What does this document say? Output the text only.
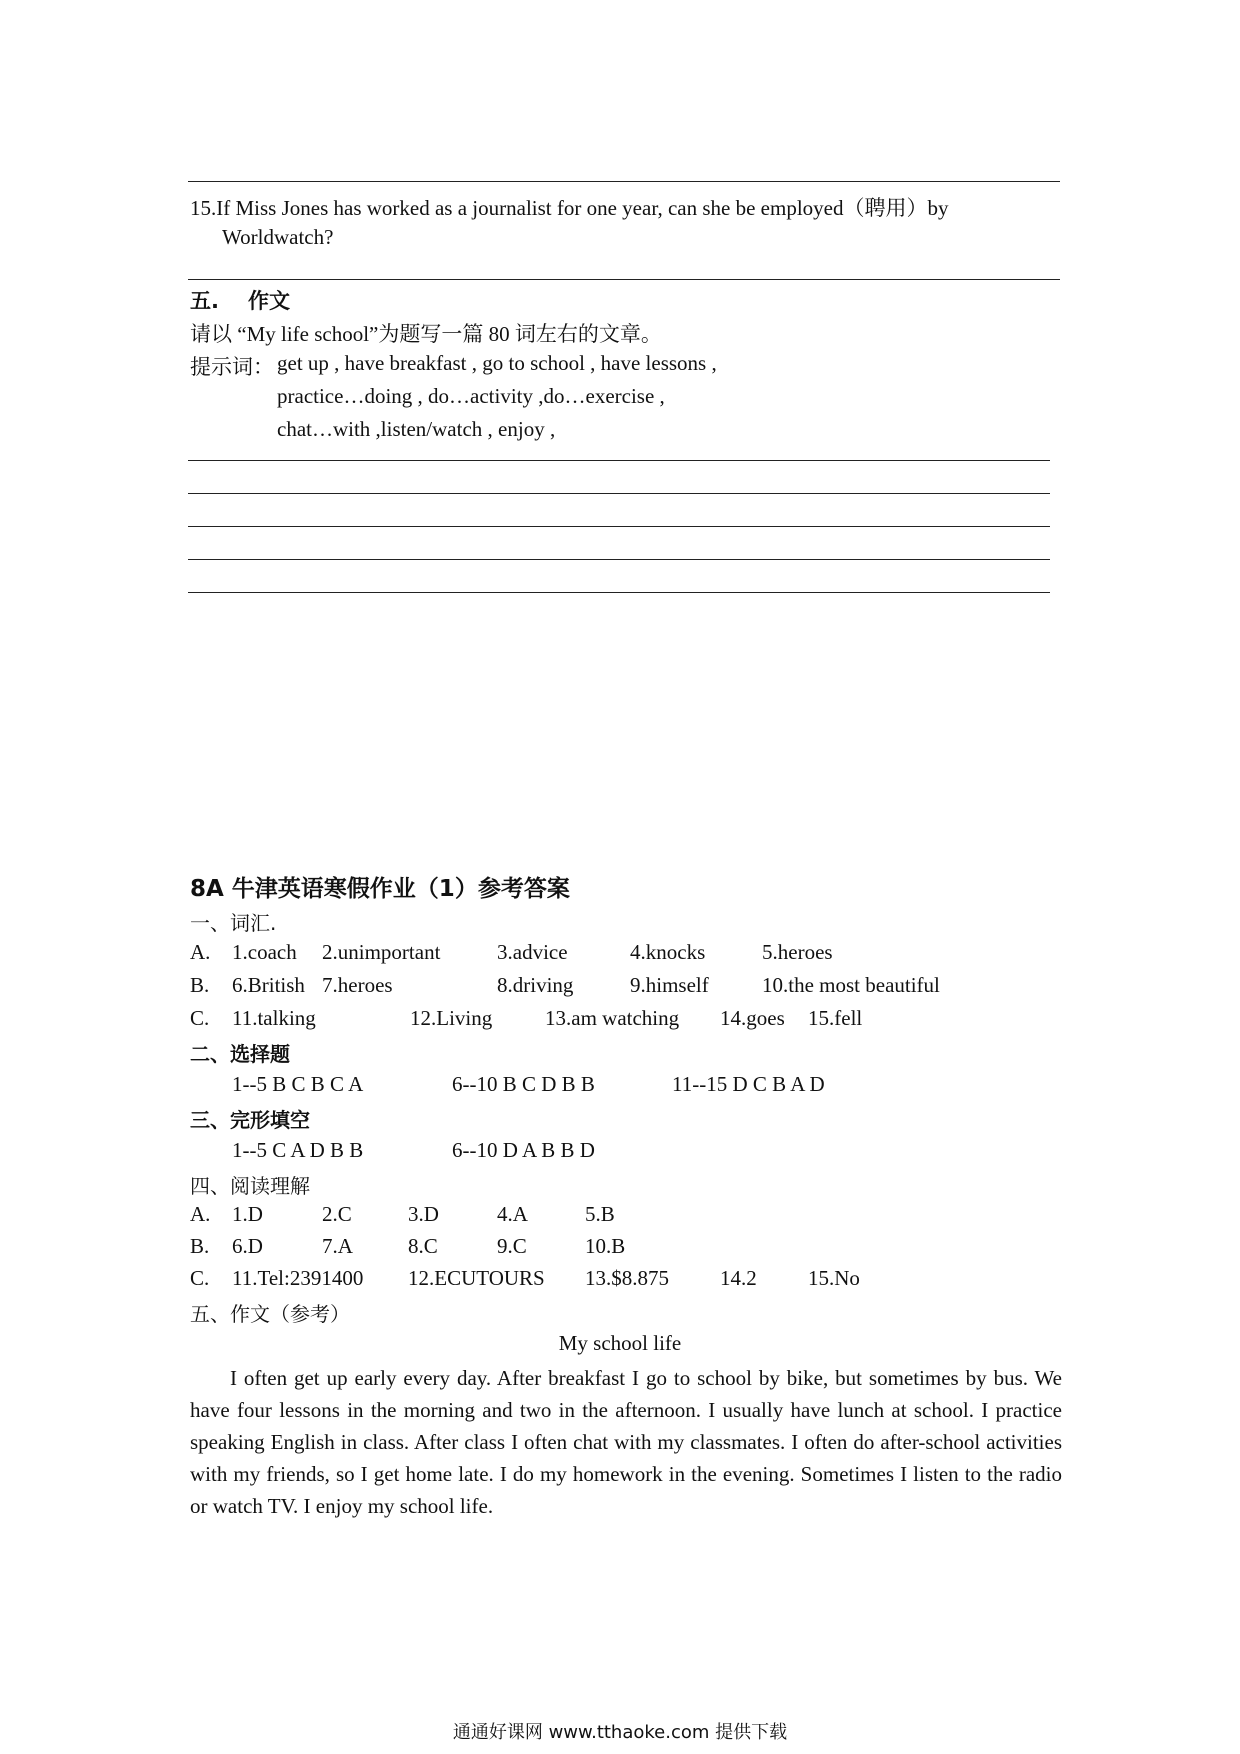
15.If Miss Jones has worked as a journalist for one year, can she be employed（聘用）by
Worldwatch?
五. 作文
请以 “My life school”为题写一篇 80 词左右的文章。
提示词： get up , have breakfast , go to school , have lessons ,
practice…doing , do…activity ,do…exercise ,
chat…with ,listen/watch , enjoy ,
8A 牛津英语寒假作业（1）参考答案
一、词汇.
A. 1.coach 2.unimportant	3.advice	4.knocks	5.heroes
B. 6.British 7.heroes	8.driving	9.himself	10.the most beautiful
C. 11.talking	12.Living	13.am watching 14.goes 15.fell
二、选择题
1--5 B C B C A	6--10 B C D B B	11--15 D C B A D
三、完形填空
1--5 C A D B B	6--10 D A B B D
四、阅读理解
A. 1.D	2.C	3.D	4.A	5.B
B. 6.D	7.A	8.C	9.C	10.B
C. 11.Tel:2391400 12.ECUTOURS 13.$8.875 14.2 15.No
五、作文（参考）
My school life

I often get up early every day. After breakfast I go to school by bike, but sometimes by bus. We have four lessons in the morning and two in the afternoon. I usually have lunch at school. I practice speaking English in class. After class I often chat with my classmates. I often do after-school activities with my friends, so I get home late. I do my homework in the evening. Sometimes I listen to the radio or watch TV. I enjoy my school life.

通通好课网 www.tthaoke.com 提供下载
